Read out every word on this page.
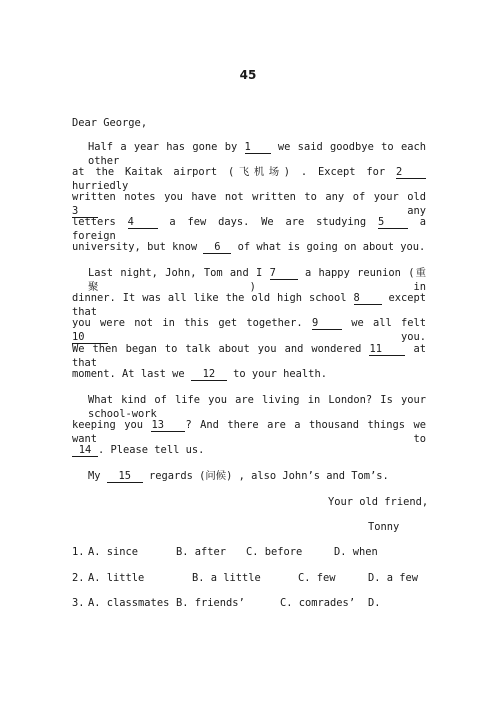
45
Dear George,
Half a year has gone by 1 we said goodbye to each other
at the Kaitak airport (飞机场) . Except for 2 hurriedly
written notes you have not written to any of your old 3 any
letters 4 a few days. We are studying 5 a foreign
university, but know 6 of what is going on about you.
Last night, John, Tom and I 7 a happy reunion (重聚) in
dinner. It was all like the old high school 8 except that
you were not in this get together. 9 we all felt 10 you.
We then began to talk about you and wondered 11 at that
moment. At last we 12 to your health.
What kind of life you are living in London? Is your school-work
keeping you 13 ? And there are a thousand things we want to
14 . Please tell us.
My 15 regards (问候) , also John’s and Tom’s.
Your old friend,
Tonny
1. A. since	B. after C. before	D. when
2. A. little	B. a little	C. few	D. a few
3. A. classmates B. friends’	C. comrades’ D.
